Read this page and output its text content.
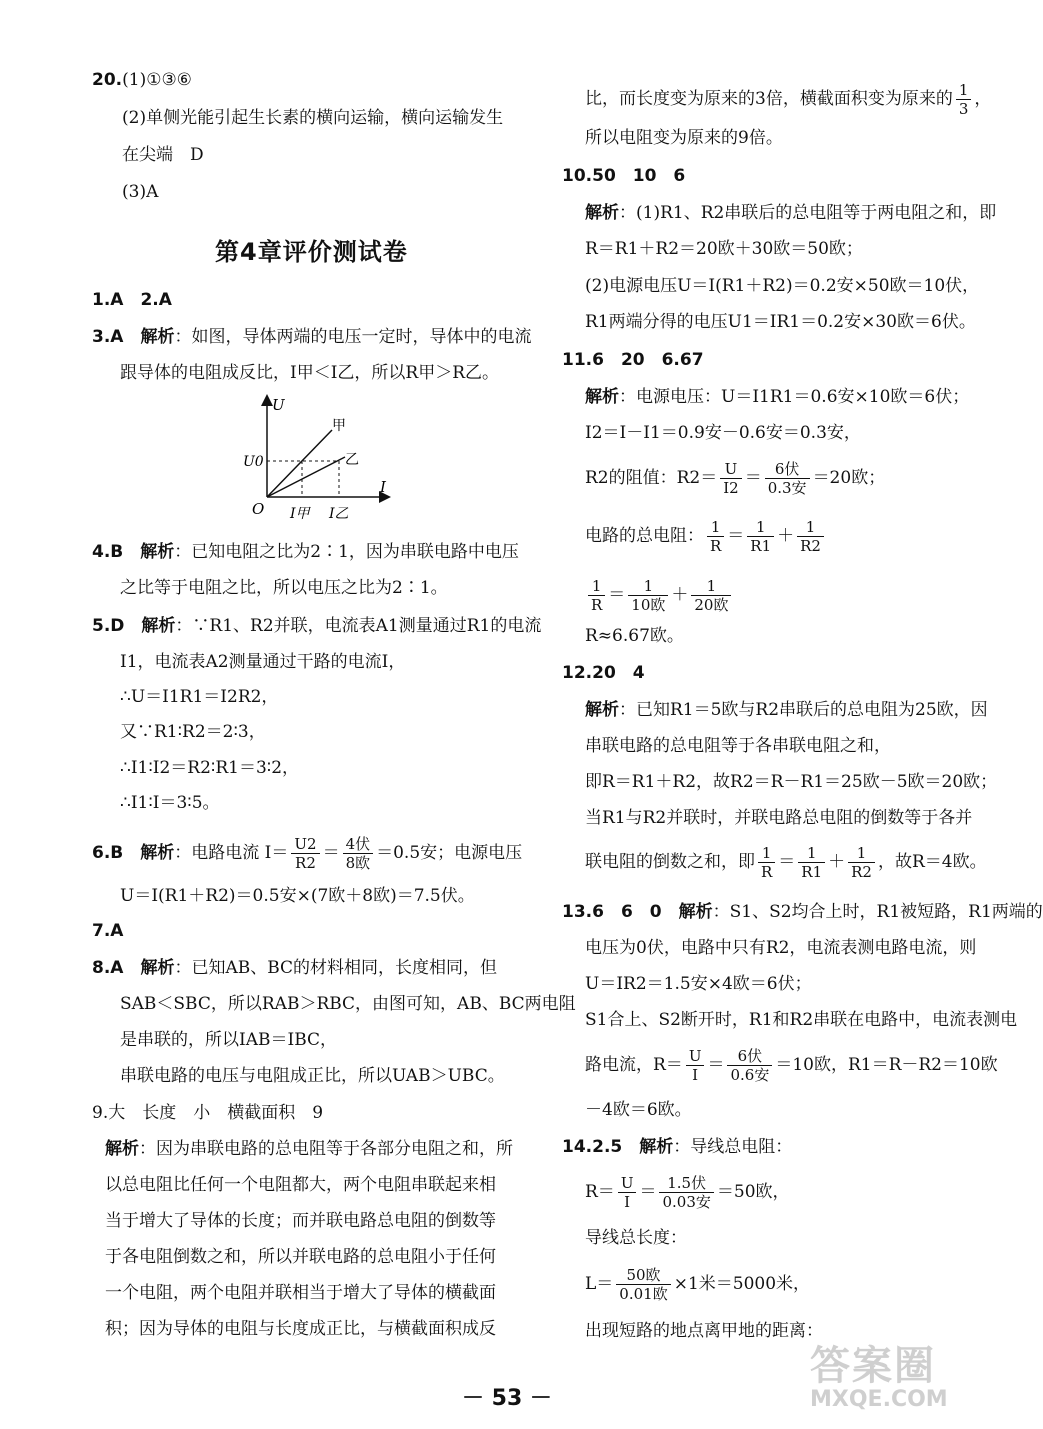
20.(1)①③⑥
(2)单侧光能引起生长素的横向运输，横向运输发生
在尖端　D
(3)A
第4章评价测试卷
1.A　2.A
3.A　 解析：如图，导体两端的电压一定时，导体中的电流
跟导体的电阻成反比，I甲＜I乙，所以R甲＞R乙。
U
I
O
U0
甲
乙
I甲 I乙
4.B　 解析：已知电阻之比为2∶1，因为串联电路中电压
之比等于电阻之比，所以电压之比为2∶1。
5.D　 解析：∵R1、R2并联，电流表A1测量通过R1的电流
I1，电流表A2测量通过干路的电流I，
∴U＝I1R1＝I2R2，
又∵R1∶R2＝2∶3，
∴I1∶I2＝R2∶R1＝3∶2，
∴I1∶I＝3∶5。
6.B　 解析：电路电流 $I= \frac{U2}{R2} = \frac{\text{4伏}}{\text{8欧}} =0.5$安；电源电压
U＝I(R1＋R2)＝0.5安×(7欧＋8欧)＝7.5伏。
7.A
8.A　 解析：已知AB、BC的材料相同，长度相同，但
SAB＜SBC，所以RAB＞RBC，由图可知，AB、BC两电阻
是串联的，所以IAB＝IBC，
串联电路的电压与电阻成正比，所以UAB＞UBC。
9.大　长度　小　横截面积　9
解析：因为串联电路的总电阻等于各部分电阻之和，所
以总电阻比任何一个电阻都大，两个电阻串联起来相
当于增大了导体的长度；而并联电路总电阻的倒数等
于各电阻倒数之和，所以并联电路的总电阻小于任何
一个电阻，两个电阻并联相当于增大了导体的横截面
积；因为导体的电阻与长度成正比，与横截面积成反
比，而长度变为原来的3倍，横截面积变为原来的 $\frac{1}{3}$ ，
所以电阻变为原来的9倍。
10.50　10　6
解析：(1)R1、R2串联后的总电阻等于两电阻之和，即
R＝R1＋R2＝20欧＋30欧＝50欧；
(2)电源电压U＝I(R1＋R2)＝0.2安×50欧＝10伏，
R1两端分得的电压U1＝IR1＝0.2安×30欧＝6伏。
11.6　20　6.67
解析：电源电压：U＝I1R1＝0.6安×10欧＝6伏；
I2＝I－I1＝0.9安－0.6安＝0.3安，
R2的阻值：$R2= \frac{U}{I2} = \frac{\text{6伏}}{\text{0.3安}} =20$欧；
电路的总电阻： $\frac{1}{R} = \frac{1}{R1} + \frac{1}{R2}$
$\frac{1}{R} = \frac{1}{\text{10欧}} + \frac{1}{\text{20欧}}$
R≈6.67欧。
12.20　4
解析：已知R1＝5欧与R2串联后的总电阻为25欧，因
串联电路的总电阻等于各串联电阻之和，
即R＝R1＋R2，故R2＝R－R1＝25欧－5欧＝20欧；
当R1与R2并联时，并联电路总电阻的倒数等于各并
联电阻的倒数之和，即 $\frac{1}{R} = \frac{1}{R1} + \frac{1}{R2}$ ，故R＝4欧。
13.6　6　0　 解析：S1、S2均合上时，R1被短路，R1两端的
电压为0伏，电路中只有R2，电流表测电路电流，则
U＝IR2＝1.5安×4欧＝6伏；
S1合上、S2断开时，R1和R2串联在电路中，电流表测电
路电流，$R= \frac{U}{I} = \frac{\text{6伏}}{\text{0.6安}} =10$欧，R1＝R－R2＝10欧
－4欧＝6欧。
14.2.5　 解析：导线总电阻：
$R= \frac{U}{I} = \frac{\text{1.5伏}}{\text{0.03安}} =50$欧，
导线总长度：
$L= \frac{\text{50欧}}{\text{0.01欧}} \times 1$米＝5000米，
出现短路的地点离甲地的距离：
－ 53 －
答案圈
MXQE.COM
